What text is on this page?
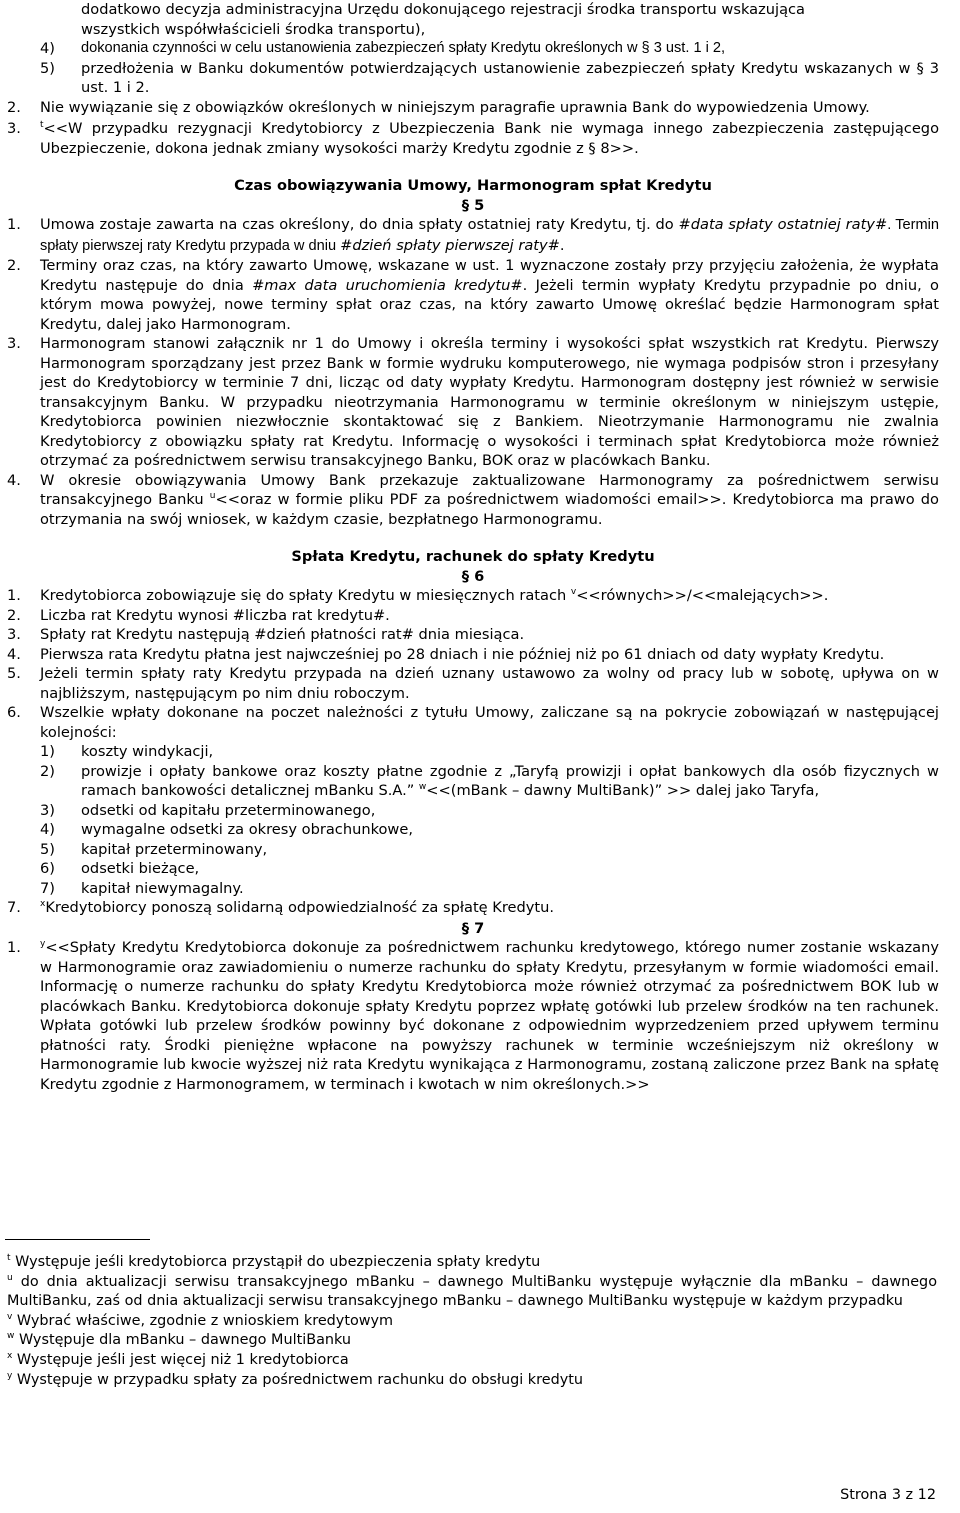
dodatkowo decyzja administracyjna Urzędu dokonującego rejestracji środka transportu wskazująca

wszystkich współwłaścicieli środka transportu),

4)	dokonania czynności w celu ustanowienia zabezpieczeń spłaty Kredytu określonych w § 3 ust. 1 i 2,
5)	przedłożenia w Banku dokumentów potwierdzających ustanowienie zabezpieczeń spłaty Kredytu wskazanych w § 3 ust. 1 i 2.
2.	Nie wywiązanie się z obowiązków określonych w niniejszym paragrafie uprawnia Bank do wypowiedzenia Umowy.
3.	$^t$<<W przypadku rezygnacji Kredytobiorcy z Ubezpieczenia Bank nie wymaga innego zabezpieczenia zastępującego Ubezpieczenie, dokona jednak zmiany wysokości marży Kredytu zgodnie z § 8>>.

Czas obowiązywania Umowy, Harmonogram spłat Kredytu

§ 5

1.	Umowa zostaje zawarta na czas określony, do dnia spłaty ostatniej raty Kredytu, tj. do #data spłaty ostatniej raty#. Termin spłaty pierwszej raty Kredytu przypada w dniu #dzień spłaty pierwszej raty#.
2.	Terminy oraz czas, na który zawarto Umowę, wskazane w ust. 1 wyznaczone zostały przy przyjęciu założenia, że wypłata Kredytu następuje do dnia #max data uruchomienia kredytu#. Jeżeli termin wypłaty Kredytu przypadnie po dniu, o którym mowa powyżej, nowe terminy spłat oraz czas, na który zawarto Umowę określać będzie Harmonogram spłat Kredytu, dalej jako Harmonogram.
3.	Harmonogram stanowi załącznik nr 1 do Umowy i określa terminy i wysokości spłat wszystkich rat Kredytu. Pierwszy Harmonogram sporządzany jest przez Bank w formie wydruku komputerowego, nie wymaga podpisów stron i przesyłany jest do Kredytobiorcy w terminie 7 dni, licząc od daty wypłaty Kredytu. Harmonogram dostępny jest również w serwisie transakcyjnym Banku. W przypadku nieotrzymania Harmonogramu w terminie określonym w niniejszym ustępie, Kredytobiorca powinien niezwłocznie skontaktować się z Bankiem. Nieotrzymanie Harmonogramu nie zwalnia Kredytobiorcy z obowiązku spłaty rat Kredytu. Informację o wysokości i terminach spłat Kredytobiorca może również otrzymać za pośrednictwem serwisu transakcyjnego Banku, BOK oraz w placówkach Banku.
4.	W okresie obowiązywania Umowy Bank przekazuje zaktualizowane Harmonogramy za pośrednictwem serwisu transakcyjnego Banku $^u$<<oraz w formie pliku PDF za pośrednictwem wiadomości email>>. Kredytobiorca ma prawo do otrzymania na swój wniosek, w każdym czasie, bezpłatnego Harmonogramu.

Spłata Kredytu, rachunek do spłaty Kredytu

§ 6

1.	Kredytobiorca zobowiązuje się do spłaty Kredytu w miesięcznych ratach $^v$<<równych>>/<<malejących>>.
2.	Liczba rat Kredytu wynosi #liczba rat kredytu#.
3.	Spłaty rat Kredytu następują #dzień płatności rat# dnia miesiąca.
4.	Pierwsza rata Kredytu płatna jest najwcześniej po 28 dniach i nie później niż po 61 dniach od daty wypłaty Kredytu.
5.	Jeżeli termin spłaty raty Kredytu przypada na dzień uznany ustawowo za wolny od pracy lub w sobotę, upływa on w najbliższym, następującym po nim dniu roboczym.
6.	Wszelkie wpłaty dokonane na poczet należności z tytułu Umowy, zaliczane są na pokrycie zobowiązań w następującej kolejności:
1)	koszty windykacji,
2)	prowizje i opłaty bankowe oraz koszty płatne zgodnie z „Taryfą prowizji i opłat bankowych dla osób fizycznych w ramach bankowości detalicznej mBanku S.A.” $^w$<<(mBank – dawny MultiBank)” >> dalej jako Taryfa,
3)	odsetki od kapitału przeterminowanego,
4)	wymagalne odsetki za okresy obrachunkowe,
5)	kapitał przeterminowany,
6)	odsetki bieżące,
7)	kapitał niewymagalny.
7.	$^x$Kredytobiorcy ponoszą solidarną odpowiedzialność za spłatę Kredytu.

§ 7

1.	$^y$<<Spłaty Kredytu Kredytobiorca dokonuje za pośrednictwem rachunku kredytowego, którego numer zostanie wskazany w Harmonogramie oraz zawiadomieniu o numerze rachunku do spłaty Kredytu, przesyłanym w formie wiadomości email. Informację o numerze rachunku do spłaty Kredytu Kredytobiorca może również otrzymać za pośrednictwem BOK lub w placówkach Banku. Kredytobiorca dokonuje spłaty Kredytu poprzez wpłatę gotówki lub przelew środków na ten rachunek. Wpłata gotówki lub przelew środków powinny być dokonane z odpowiednim wyprzedzeniem przed upływem terminu płatności raty. Środki pieniężne wpłacone na powyższy rachunek w terminie wcześniejszym niż określony w Harmonogramie lub kwocie wyższej niż rata Kredytu wynikająca z Harmonogramu, zostaną zaliczone przez Bank na spłatę Kredytu zgodnie z Harmonogramem, w terminach i kwotach w nim określonych.>>

$^t$ Występuje jeśli kredytobiorca przystąpił do ubezpieczenia spłaty kredytu

$^u$ do dnia aktualizacji serwisu transakcyjnego mBanku – dawnego MultiBanku występuje wyłącznie dla mBanku – dawnego MultiBanku, zaś od dnia aktualizacji serwisu transakcyjnego mBanku – dawnego MultiBanku występuje w każdym przypadku

$^v$ Wybrać właściwe, zgodnie z wnioskiem kredytowym

$^w$ Występuje dla mBanku – dawnego MultiBanku

$^x$ Występuje jeśli jest więcej niż 1 kredytobiorca

$^y$ Występuje w przypadku spłaty za pośrednictwem rachunku do obsługi kredytu

Strona 3 z 12
